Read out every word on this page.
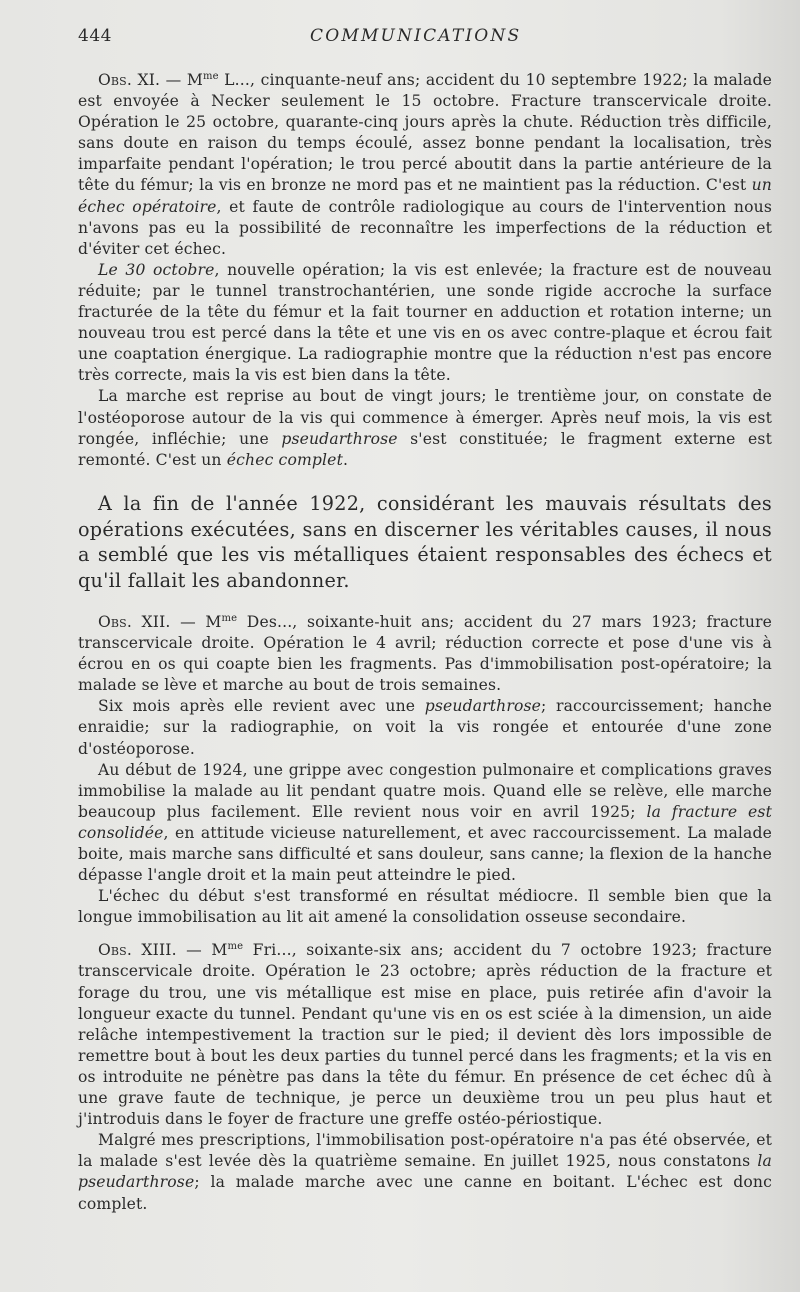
444	COMMUNICATIONS

Obs. XI. — $M^{me}$ L..., cinquante-neuf ans; accident du 10 septembre 1922; la malade est envoyée à Necker seulement le 15 octobre. Fracture transcervicale droite. Opération le 25 octobre, quarante-cinq jours après la chute. Réduction très difficile, sans doute en raison du temps écoulé, assez bonne pendant la localisation, très imparfaite pendant l'opération; le trou percé aboutit dans la partie antérieure de la tête du fémur; la vis en bronze ne mord pas et ne maintient pas la réduction. C'est un échec opératoire, et faute de contrôle radiologique au cours de l'intervention nous n'avons pas eu la possibilité de reconnaître les imperfections de la réduction et d'éviter cet échec.

Le 30 octobre, nouvelle opération; la vis est enlevée; la fracture est de nouveau réduite; par le tunnel transtrochantérien, une sonde rigide accroche la surface fracturée de la tête du fémur et la fait tourner en adduction et rotation interne; un nouveau trou est percé dans la tête et une vis en os avec contre-plaque et écrou fait une coaptation énergique. La radiographie montre que la réduction n'est pas encore très correcte, mais la vis est bien dans la tête.

La marche est reprise au bout de vingt jours; le trentième jour, on constate de l'ostéoporose autour de la vis qui commence à émerger. Après neuf mois, la vis est rongée, infléchie; une pseudarthrose s'est constituée; le fragment externe est remonté. C'est un échec complet.

A la fin de l'année 1922, considérant les mauvais résultats des opérations exécutées, sans en discerner les véritables causes, il nous a semblé que les vis métalliques étaient responsables des échecs et qu'il fallait les abandonner.

Obs. XII. — $M^{me}$ Des..., soixante-huit ans; accident du 27 mars 1923; fracture transcervicale droite. Opération le 4 avril; réduction correcte et pose d'une vis à écrou en os qui coapte bien les fragments. Pas d'immobilisation post-opératoire; la malade se lève et marche au bout de trois semaines.

Six mois après elle revient avec une pseudarthrose; raccourcissement; hanche enraidie; sur la radiographie, on voit la vis rongée et entourée d'une zone d'ostéoporose.

Au début de 1924, une grippe avec congestion pulmonaire et complications graves immobilise la malade au lit pendant quatre mois. Quand elle se relève, elle marche beaucoup plus facilement. Elle revient nous voir en avril 1925; la fracture est consolidée, en attitude vicieuse naturellement, et avec raccourcissement. La malade boite, mais marche sans difficulté et sans douleur, sans canne; la flexion de la hanche dépasse l'angle droit et la main peut atteindre le pied.

L'échec du début s'est transformé en résultat médiocre. Il semble bien que la longue immobilisation au lit ait amené la consolidation osseuse secondaire.

Obs. XIII. — $M^{me}$ Fri..., soixante-six ans; accident du 7 octobre 1923; fracture transcervicale droite. Opération le 23 octobre; après réduction de la fracture et forage du trou, une vis métallique est mise en place, puis retirée afin d'avoir la longueur exacte du tunnel. Pendant qu'une vis en os est sciée à la dimension, un aide relâche intempestivement la traction sur le pied; il devient dès lors impossible de remettre bout à bout les deux parties du tunnel percé dans les fragments; et la vis en os introduite ne pénètre pas dans la tête du fémur. En présence de cet échec dû à une grave faute de technique, je perce un deuxième trou un peu plus haut et j'introduis dans le foyer de fracture une greffe ostéo-périostique.

Malgré mes prescriptions, l'immobilisation post-opératoire n'a pas été observée, et la malade s'est levée dès la quatrième semaine. En juillet 1925, nous constatons la pseudarthrose; la malade marche avec une canne en boitant. L'échec est donc complet.
